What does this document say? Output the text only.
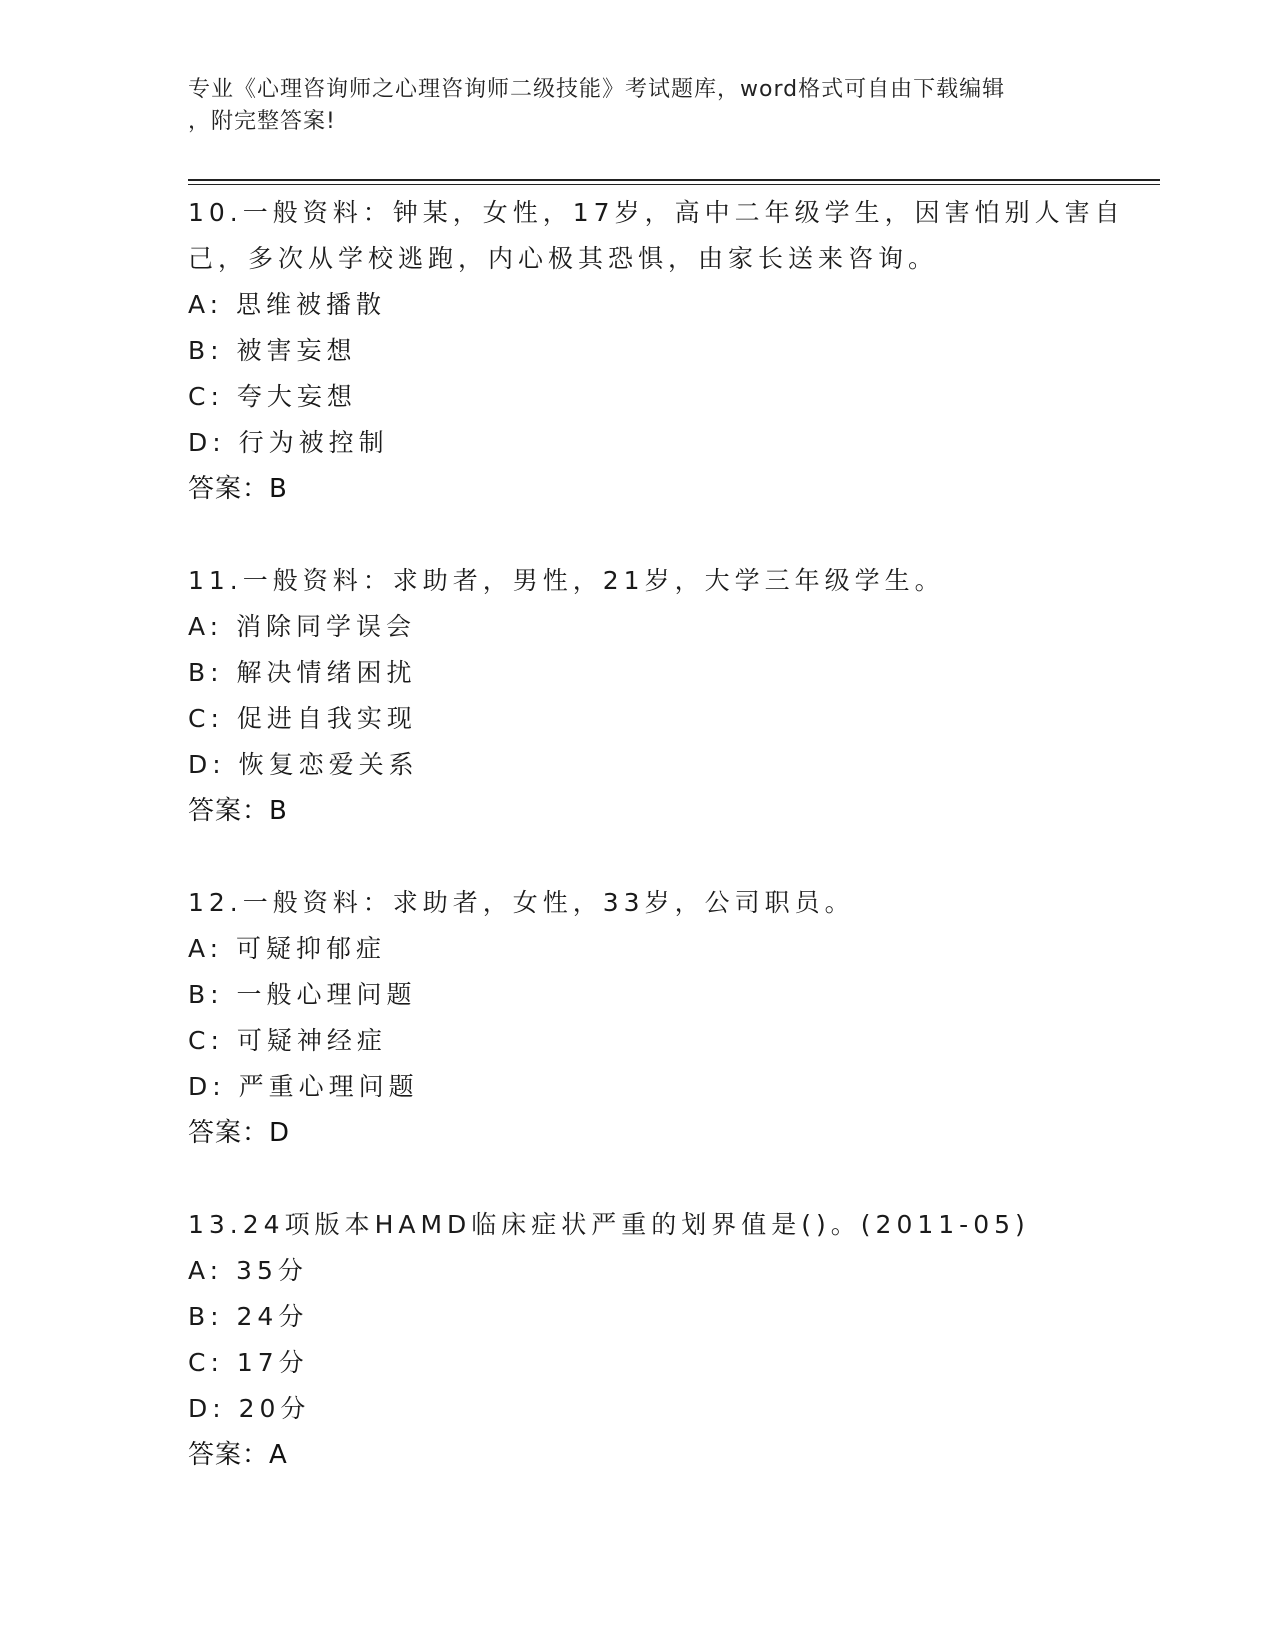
专业《心理咨询师之心理咨询师二级技能》考试题库，word格式可自由下载编辑
，附完整答案!
10.一般资料：钟某，女性，17岁，高中二年级学生，因害怕别人害自
己，多次从学校逃跑，内心极其恐惧，由家长送来咨询。
A: 思维被播散
B: 被害妄想
C: 夸大妄想
D: 行为被控制
答案：B
11.一般资料：求助者，男性，21岁，大学三年级学生。
A: 消除同学误会
B: 解决情绪困扰
C: 促进自我实现
D: 恢复恋爱关系
答案：B
12.一般资料：求助者，女性，33岁，公司职员。
A: 可疑抑郁症
B: 一般心理问题
C: 可疑神经症
D: 严重心理问题
答案：D
13.24项版本HAMD临床症状严重的划界值是()。(2011-05)
A: 35分
B: 24分
C: 17分
D: 20分
答案：A
